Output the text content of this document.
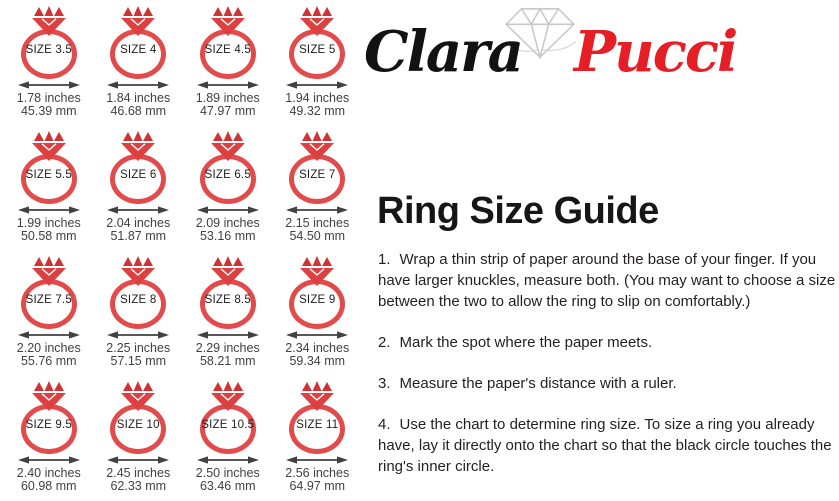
SIZE 3.5
1.78 inches
45.39 mm
SIZE 4
1.84 inches
46.68 mm
SIZE 4.5
1.89 inches
47.97 mm
SIZE 5
1.94 inches
49.32 mm
SIZE 5.5
1.99 inches
50.58 mm
SIZE 6
2.04 inches
51.87 mm
SIZE 6.5
2.09 inches
53.16 mm
SIZE 7
2.15 inches
54.50 mm
SIZE 7.5
2.20 inches
55.76 mm
SIZE 8
2.25 inches
57.15 mm
SIZE 8.5
2.29 inches
58.21 mm
SIZE 9
2.34 inches
59.34 mm
SIZE 9.5
2.40 inches
60.98 mm
SIZE 10
2.45 inches
62.33 mm
SIZE 10.5
2.50 inches
63.46 mm
SIZE 11
2.56 inches
64.97 mm
Clara Pucci
Ring Size Guide

1. Wrap a thin strip of paper around the base of your finger. If you have larger knuckles, measure both. (You may want to choose a size between the two to allow the ring to slip on comfortably.)

2. Mark the spot where the paper meets.

3. Measure the paper's distance with a ruler.

4. Use the chart to determine ring size. To size a ring you already have, lay it directly onto the chart so that the black circle touches the ring's inner circle.
